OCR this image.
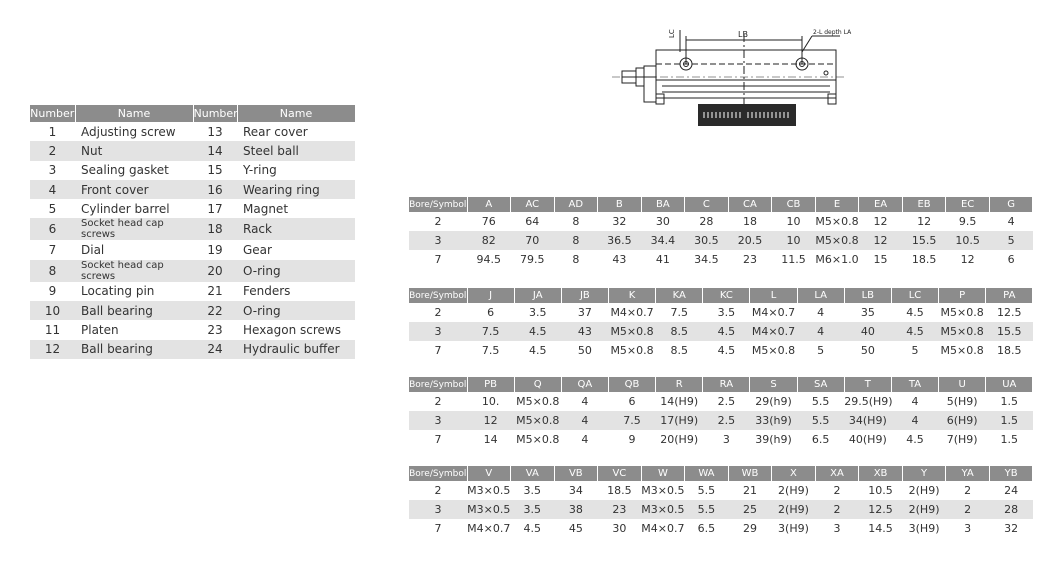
LC	LB	2-L depth LA
Number	Name	Number	Name
1	Adjusting screw	13	Rear cover
2	Nut	14	Steel ball
3	Sealing gasket	15	Y-ring
4	Front cover	16	Wearing ring
5	Cylinder barrel	17	Magnet
6	Socket head cap screws	18	Rack
7	Dial	19	Gear
8	Socket head cap screws	20	O-ring
9	Locating pin	21	Fenders
10	Ball bearing	22	O-ring
11	Platen	23	Hexagon screws
12	Ball bearing	24	Hydraulic buffer
Bore/Symbol	A	AC	AD	B	BA	C	CA	CB	E	EA	EB	EC	G
2	76	64	8	32	30	28	18	10	M5×0.8	12	12	9.5	4
3	82	70	8	36.5	34.4	30.5	20.5	10	M5×0.8	12	15.5	10.5	5
7	94.5	79.5	8	43	41	34.5	23	11.5	M6×1.0	15	18.5	12	6
Bore/Symbol	J	JA	JB	K	KA	KC	L	LA	LB	LC	P	PA
2	6	3.5	37	M4×0.7	7.5	3.5	M4×0.7	4	35	4.5	M5×0.8	12.5
3	7.5	4.5	43	M5×0.8	8.5	4.5	M4×0.7	4	40	4.5	M5×0.8	15.5
7	7.5	4.5	50	M5×0.8	8.5	4.5	M5×0.8	5	50	5	M5×0.8	18.5
Bore/Symbol	PB	Q	QA	QB	R	RA	S	SA	T	TA	U	UA
2	10.	M5×0.8	4	6	14(H9)	2.5	29(h9)	5.5	29.5(H9)	4	5(H9)	1.5
3	12	M5×0.8	4	7.5	17(H9)	2.5	33(h9)	5.5	34(H9)	4	6(H9)	1.5
7	14	M5×0.8	4	9	20(H9)	3	39(h9)	6.5	40(H9)	4.5	7(H9)	1.5
Bore/Symbol	V	VA	VB	VC	W	WA	WB	X	XA	XB	Y	YA	YB
2	M3×0.5	3.5	34	18.5	M3×0.5	5.5	21	2(H9)	2	10.5	2(H9)	2	24
3	M3×0.5	3.5	38	23	M3×0.5	5.5	25	2(H9)	2	12.5	2(H9)	2	28
7	M4×0.7	4.5	45	30	M4×0.7	6.5	29	3(H9)	3	14.5	3(H9)	3	32
